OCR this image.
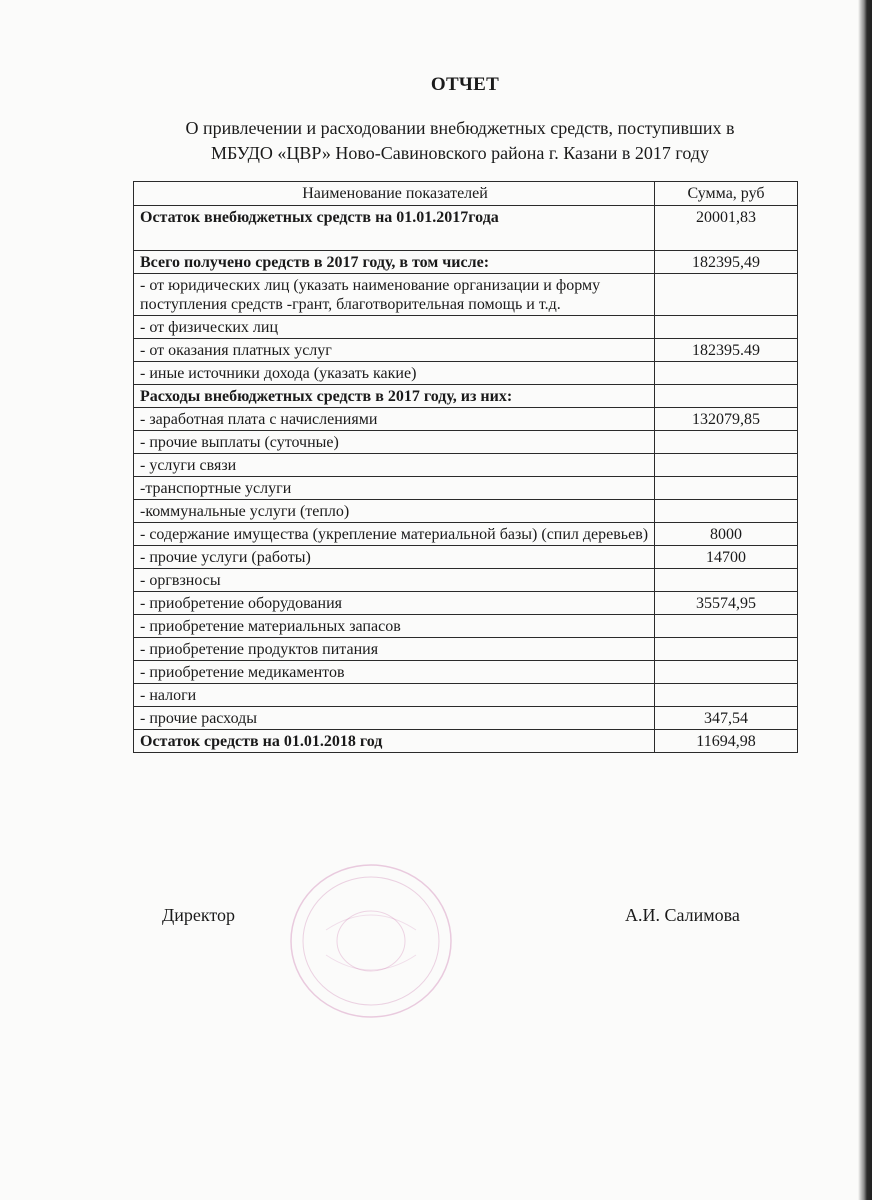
ОТЧЕТ
О привлечении и расходовании внебюджетных средств, поступивших в
МБУДО «ЦВР» Ново-Савиновского района г. Казани в 2017 году
Наименование показателей	Сумма, руб
Остаток внебюджетных средств на 01.01.2017года	20001,83
Всего получено средств в 2017 году, в том числе:	182395,49
- от юридических лиц (указать наименование организации и форму поступления средств -грант, благотворительная помощь и т.д.	
- от физических лиц	
- от оказания платных услуг	182395.49
- иные источники дохода (указать какие)	
Расходы внебюджетных средств в 2017 году, из них:	
- заработная плата с начислениями	132079,85
- прочие выплаты (суточные)	
- услуги связи	
-транспортные услуги	
-коммунальные услуги (тепло)	
- содержание имущества (укрепление материальной базы) (спил деревьев)	8000
- прочие услуги (работы)	14700
- оргвзносы	
- приобретение оборудования	35574,95
- приобретение материальных запасов	
- приобретение продуктов питания	
- приобретение медикаментов	
- налоги	
- прочие расходы	347,54
Остаток средств на 01.01.2018 год	11694,98
Директор	А.И. Салимова
